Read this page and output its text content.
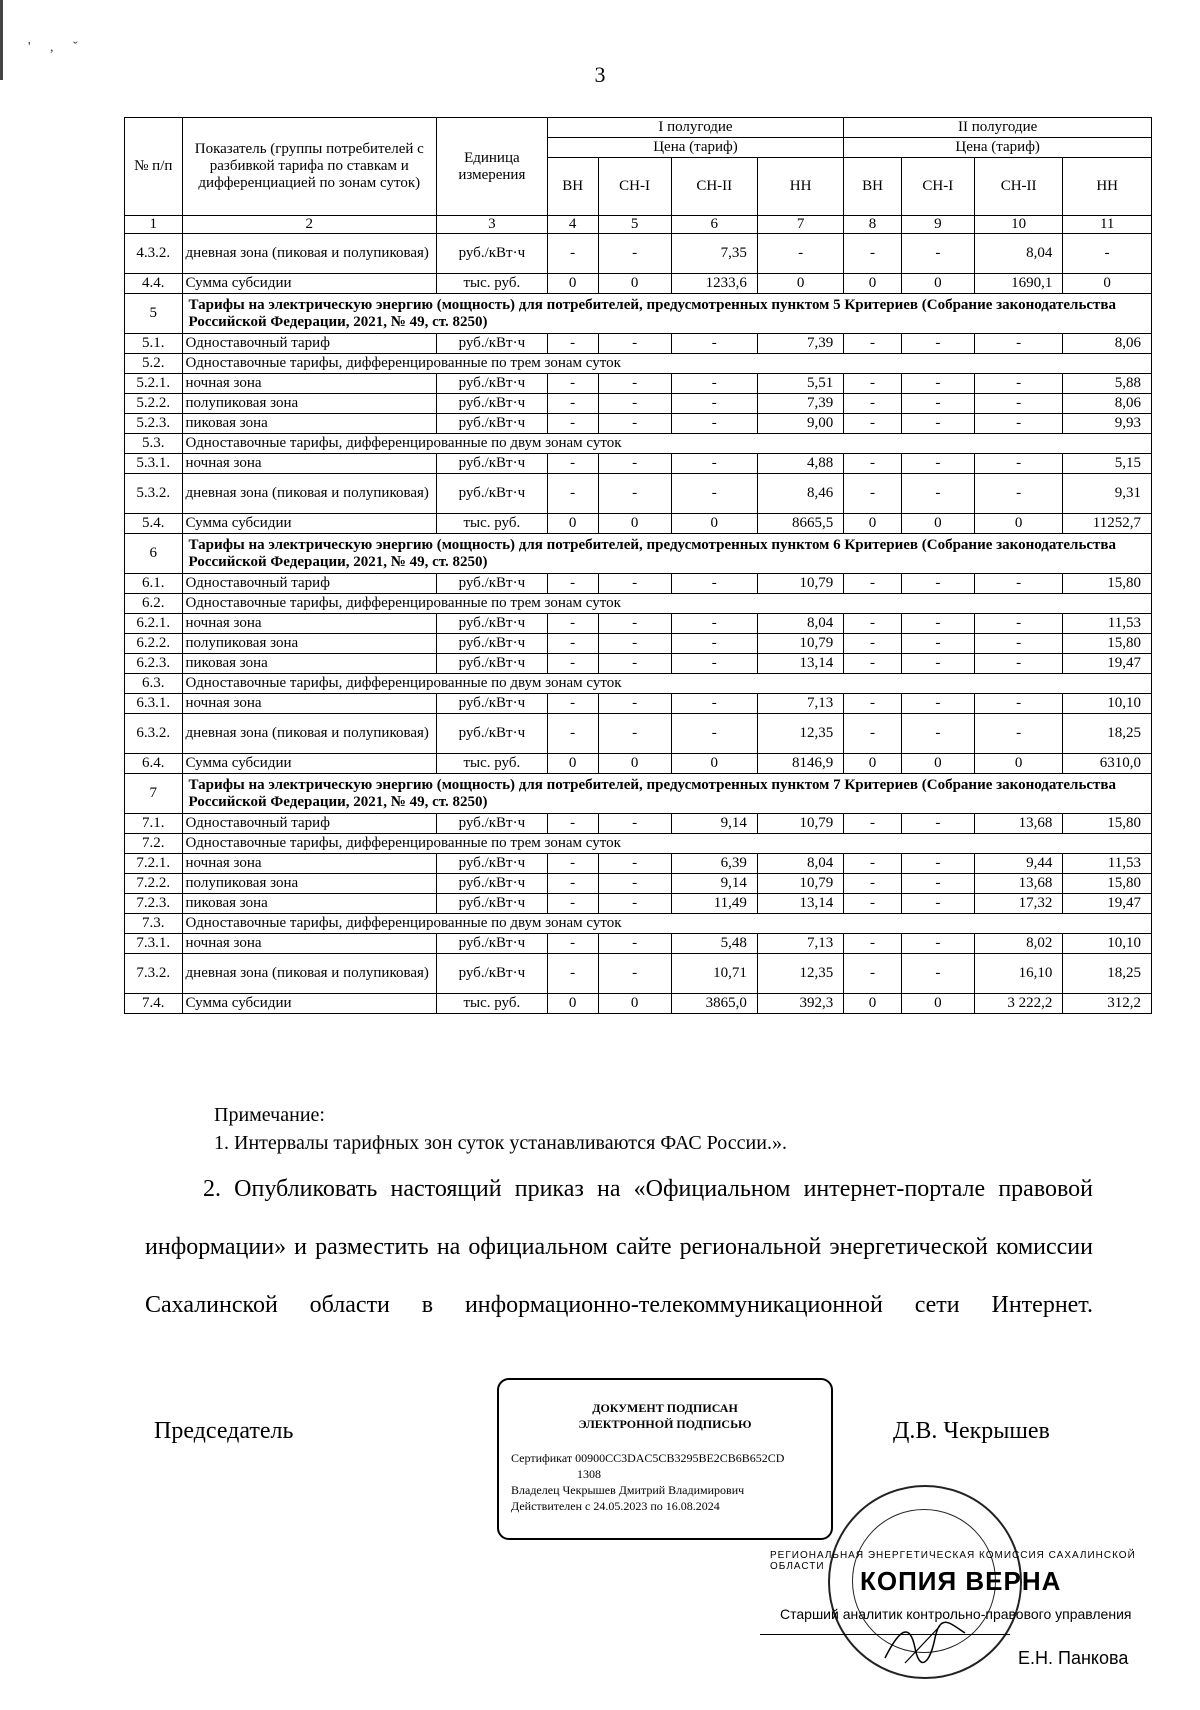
' , ˇ
3
№ п/п	Показатель (группы потребителей с разбивкой тарифа по ставкам и дифференциацией по зонам суток)	Единица измерения	I полугодие				II полугодие			
			Цена (тариф)				Цена (тариф)			
			ВН	СН-I	СН-II	НН	ВН	СН-I	СН-II	НН
1	2	3	4	5	6	7	8	9	10	11
4.3.2.	дневная зона (пиковая и полупиковая)	руб./кВт·ч	-	-	7,35	-	-	-	8,04	-
4.4.	Сумма субсидии	тыс. руб.	0	0	1233,6	0	0	0	1690,1	0
5	Тарифы на электрическую энергию (мощность) для потребителей, предусмотренных пунктом 5 Критериев (Собрание законодательства Российской Федерации, 2021, № 49, ст. 8250)									
5.1.	Одноставочный тариф	руб./кВт·ч	-	-	-	7,39	-	-	-	8,06
5.2.	Одноставочные тарифы, дифференцированные по трем зонам суток									
5.2.1.	ночная зона	руб./кВт·ч	-	-	-	5,51	-	-	-	5,88
5.2.2.	полупиковая зона	руб./кВт·ч	-	-	-	7,39	-	-	-	8,06
5.2.3.	пиковая зона	руб./кВт·ч	-	-	-	9,00	-	-	-	9,93
5.3.	Одноставочные тарифы, дифференцированные по двум зонам суток									
5.3.1.	ночная зона	руб./кВт·ч	-	-	-	4,88	-	-	-	5,15
5.3.2.	дневная зона (пиковая и полупиковая)	руб./кВт·ч	-	-	-	8,46	-	-	-	9,31
5.4.	Сумма субсидии	тыс. руб.	0	0	0	8665,5	0	0	0	11252,7
6	Тарифы на электрическую энергию (мощность) для потребителей, предусмотренных пунктом 6 Критериев (Собрание законодательства Российской Федерации, 2021, № 49, ст. 8250)									
6.1.	Одноставочный тариф	руб./кВт·ч	-	-	-	10,79	-	-	-	15,80
6.2.	Одноставочные тарифы, дифференцированные по трем зонам суток									
6.2.1.	ночная зона	руб./кВт·ч	-	-	-	8,04	-	-	-	11,53
6.2.2.	полупиковая зона	руб./кВт·ч	-	-	-	10,79	-	-	-	15,80
6.2.3.	пиковая зона	руб./кВт·ч	-	-	-	13,14	-	-	-	19,47
6.3.	Одноставочные тарифы, дифференцированные по двум зонам суток									
6.3.1.	ночная зона	руб./кВт·ч	-	-	-	7,13	-	-	-	10,10
6.3.2.	дневная зона (пиковая и полупиковая)	руб./кВт·ч	-	-	-	12,35	-	-	-	18,25
6.4.	Сумма субсидии	тыс. руб.	0	0	0	8146,9	0	0	0	6310,0
7	Тарифы на электрическую энергию (мощность) для потребителей, предусмотренных пунктом 7 Критериев (Собрание законодательства Российской Федерации, 2021, № 49, ст. 8250)									
7.1.	Одноставочный тариф	руб./кВт·ч	-	-	9,14	10,79	-	-	13,68	15,80
7.2.	Одноставочные тарифы, дифференцированные по трем зонам суток									
7.2.1.	ночная зона	руб./кВт·ч	-	-	6,39	8,04	-	-	9,44	11,53
7.2.2.	полупиковая зона	руб./кВт·ч	-	-	9,14	10,79	-	-	13,68	15,80
7.2.3.	пиковая зона	руб./кВт·ч	-	-	11,49	13,14	-	-	17,32	19,47
7.3.	Одноставочные тарифы, дифференцированные по двум зонам суток									
7.3.1.	ночная зона	руб./кВт·ч	-	-	5,48	7,13	-	-	8,02	10,10
7.3.2.	дневная зона (пиковая и полупиковая)	руб./кВт·ч	-	-	10,71	12,35	-	-	16,10	18,25
7.4.	Сумма субсидии	тыс. руб.	0	0	3865,0	392,3	0	0	3 222,2	312,2
Примечание:
1. Интервалы тарифных зон суток устанавливаются ФАС России.».
2. Опубликовать настоящий приказ на «Официальном интернет-портале правовой информации» и разместить на официальном сайте региональной энергетической комиссии Сахалинской области в информационно-телекоммуникационной сети Интернет.
Председатель	Д.В. Чекрышев
ДОКУМЕНТ ПОДПИСАН
ЭЛЕКТРОННОЙ ПОДПИСЬЮ
Сертификат 00900CC3DAC5CB3295BE2CB6B652CD
1308
Владелец Чекрышев Дмитрий Владимирович
Действителен с 24.05.2023 по 16.08.2024
РЕГИОНАЛЬНАЯ ЭНЕРГЕТИЧЕСКАЯ КОМИССИЯ САХАЛИНСКОЙ ОБЛАСТИ	КОПИЯ ВЕРНА
Старший аналитик контрольно-правового управления
Е.Н. Панкова
